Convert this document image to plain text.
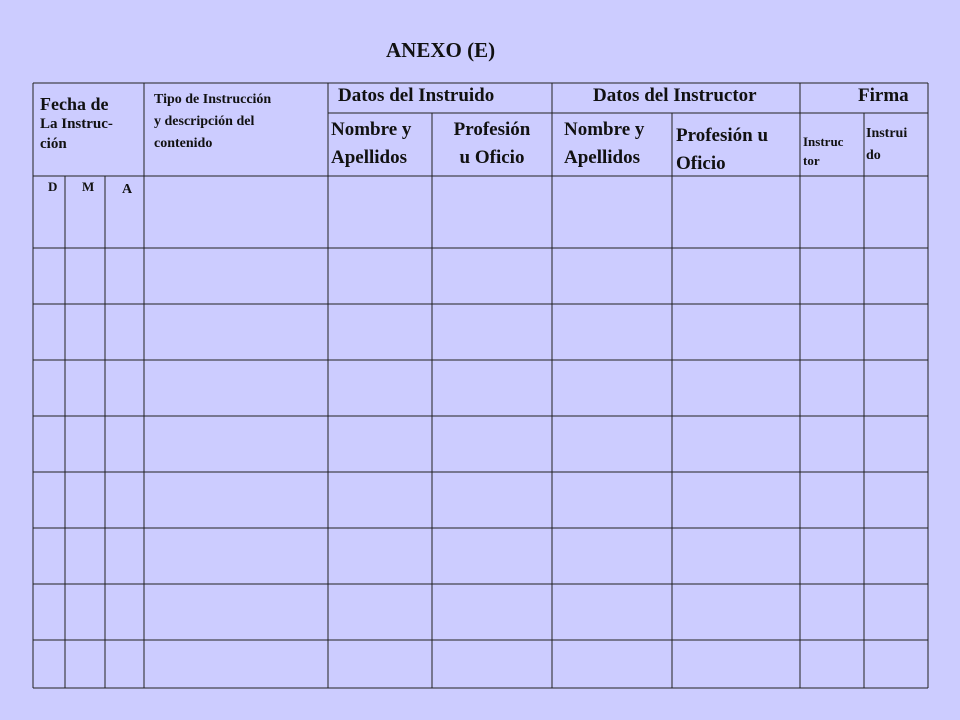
ANEXO (E)
Fecha de
La Instruc-
ción
Tipo de Instrucción
y descripción del
contenido
Datos del Instruido
Nombre y
Apellidos
Profesión
u Oficio
Datos del Instructor
Nombre y
Apellidos
Profesión u
Oficio
Firma
Instruc
tor
Instrui
do
D M A
